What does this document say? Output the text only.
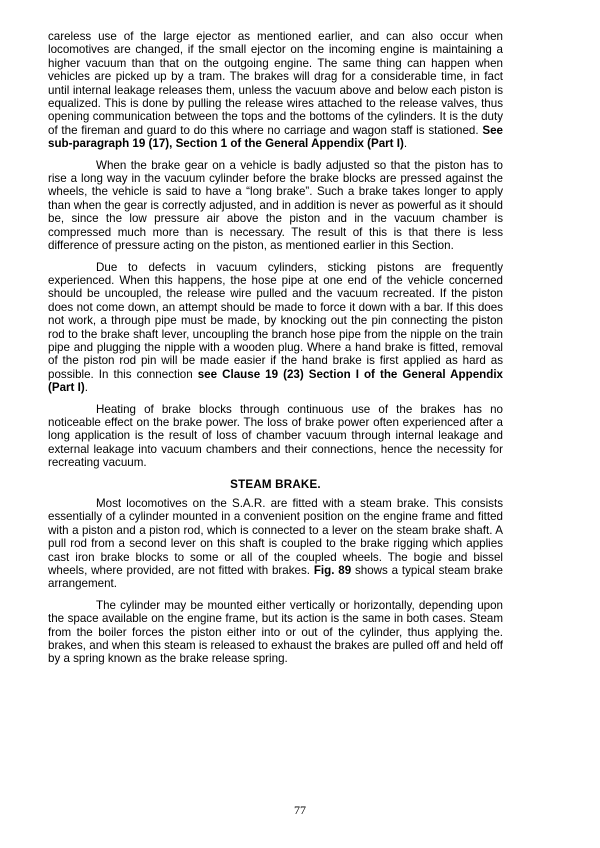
careless use of the large ejector as mentioned earlier, and can also occur when locomotives are changed, if the small ejector on the incoming engine is maintaining a higher vacuum than that on the outgoing engine. The same thing can happen when vehicles are picked up by a tram. The brakes will drag for a considerable time, in fact until internal leakage releases them, unless the vacuum above and below each piston is equalized. This is done by pulling the release wires attached to the release valves, thus opening communication between the tops and the bottoms of the cylinders. It is the duty of the fireman and guard to do this where no carriage and wagon staff is stationed. See sub-paragraph 19 (17), Section 1 of the General Appendix (Part I).

When the brake gear on a vehicle is badly adjusted so that the piston has to rise a long way in the vacuum cylinder before the brake blocks are pressed against the wheels, the vehicle is said to have a “long brake”. Such a brake takes longer to apply than when the gear is correctly adjusted, and in addition is never as powerful as it should be, since the low pressure air above the piston and in the vacuum chamber is compressed much more than is necessary. The result of this is that there is less difference of pressure acting on the piston, as mentioned earlier in this Section.

Due to defects in vacuum cylinders, sticking pistons are frequently experienced. When this happens, the hose pipe at one end of the vehicle concerned should be uncoupled, the release wire pulled and the vacuum recreated. If the piston does not come down, an attempt should be made to force it down with a bar. If this does not work, a through pipe must be made, by knocking out the pin connecting the piston rod to the brake shaft lever, uncoupling the branch hose pipe from the nipple on the train pipe and plugging the nipple with a wooden plug. Where a hand brake is fitted, removal of the piston rod pin will be made easier if the hand brake is first applied as hard as possible. In this connection see Clause 19 (23) Section I of the General Appendix (Part I).

Heating of brake blocks through continuous use of the brakes has no noticeable effect on the brake power. The loss of brake power often experienced after a long application is the result of loss of chamber vacuum through internal leakage and external leakage into vacuum chambers and their connections, hence the necessity for recreating vacuum.

STEAM BRAKE.

Most locomotives on the S.A.R. are fitted with a steam brake. This consists essentially of a cylinder mounted in a convenient position on the engine frame and fitted with a piston and a piston rod, which is connected to a lever on the steam brake shaft. A pull rod from a second lever on this shaft is coupled to the brake rigging which applies cast iron brake blocks to some or all of the coupled wheels. The bogie and bissel wheels, where provided, are not fitted with brakes. Fig. 89 shows a typical steam brake arrangement.

The cylinder may be mounted either vertically or horizontally, depending upon the space available on the engine frame, but its action is the same in both cases. Steam from the boiler forces the piston either into or out of the cylinder, thus applying the. brakes, and when this steam is released to exhaust the brakes are pulled off and held off by a spring known as the brake release spring.

77
